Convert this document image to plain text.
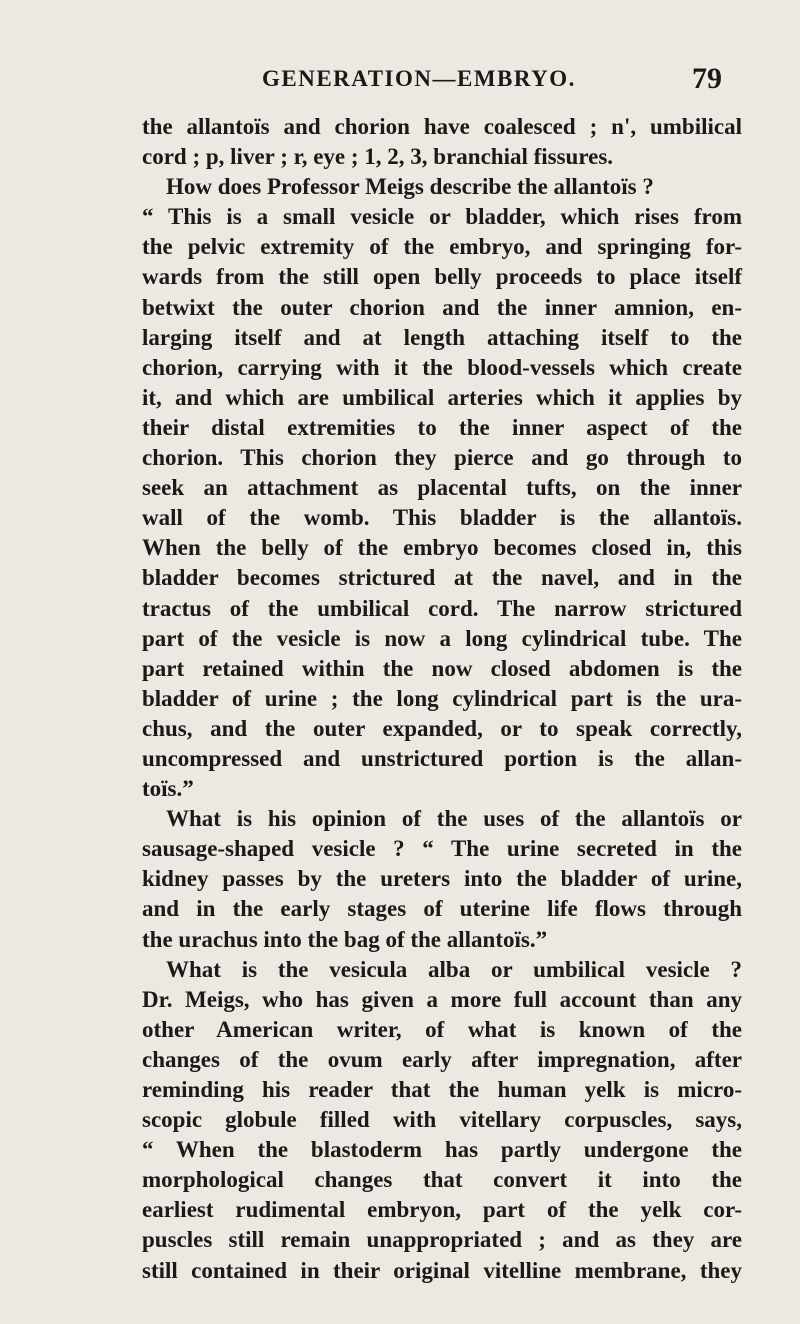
GENERATION—EMBRYO.	79
the allantoïs and chorion have coalesced ; n', umbilical
cord ; p, liver ; r, eye ; 1, 2, 3, branchial fissures.
How does Professor Meigs describe the allantoïs ?
“ This is a small vesicle or bladder, which rises from
the pelvic extremity of the embryo, and springing for-
wards from the still open belly proceeds to place itself
betwixt the outer chorion and the inner amnion, en-
larging itself and at length attaching itself to the
chorion, carrying with it the blood-vessels which create
it, and which are umbilical arteries which it applies by
their distal extremities to the inner aspect of the
chorion. This chorion they pierce and go through to
seek an attachment as placental tufts, on the inner
wall of the womb. This bladder is the allantoïs.
When the belly of the embryo becomes closed in, this
bladder becomes strictured at the navel, and in the
tractus of the umbilical cord. The narrow strictured
part of the vesicle is now a long cylindrical tube. The
part retained within the now closed abdomen is the
bladder of urine ; the long cylindrical part is the ura-
chus, and the outer expanded, or to speak correctly,
uncompressed and unstrictured portion is the allan-
toïs.”
What is his opinion of the uses of the allantoïs or
sausage-shaped vesicle ? “ The urine secreted in the
kidney passes by the ureters into the bladder of urine,
and in the early stages of uterine life flows through
the urachus into the bag of the allantoïs.”
What is the vesicula alba or umbilical vesicle ?
Dr. Meigs, who has given a more full account than any
other American writer, of what is known of the
changes of the ovum early after impregnation, after
reminding his reader that the human yelk is micro-
scopic globule filled with vitellary corpuscles, says,
“ When the blastoderm has partly undergone the
morphological changes that convert it into the
earliest rudimental embryon, part of the yelk cor-
puscles still remain unappropriated ; and as they are
still contained in their original vitelline membrane, they
